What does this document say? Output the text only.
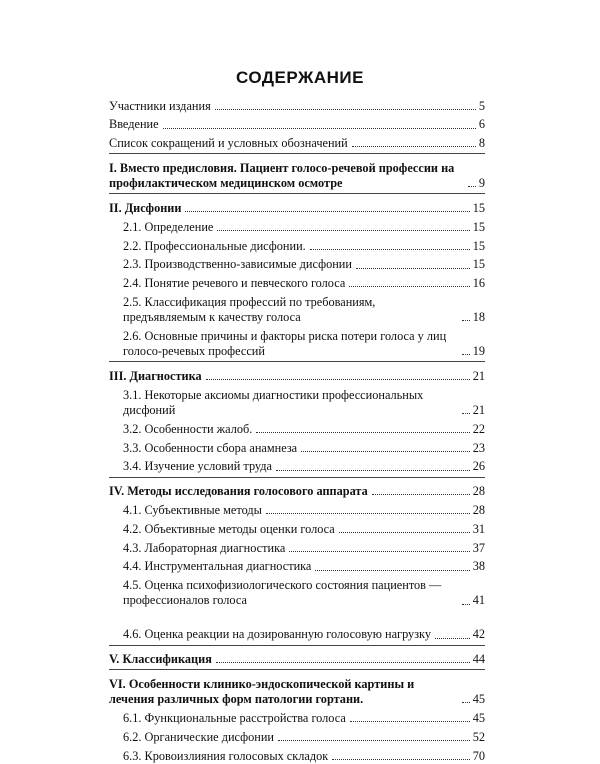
СОДЕРЖАНИЕ
Участники издания	5
Введение	6
Список сокращений и условных обозначений	8
I. Вместо предисловия. Пациент голосо-речевой профессии на профилактическом медицинском осмотре	9
II. Дисфонии	15
2.1. Определение	15
2.2. Профессиональные дисфонии.	15
2.3. Производственно-зависимые дисфонии	15
2.4. Понятие речевого и певческого голоса	16
2.5. Классификация профессий по требованиям, предъявляемым к качеству голоса	18
2.6. Основные причины и факторы риска потери голоса у лиц голосо-речевых профессий	19
III. Диагностика	21
3.1. Некоторые аксиомы диагностики профессиональных дисфоний	21
3.2. Особенности жалоб.	22
3.3. Особенности сбора анамнеза	23
3.4. Изучение условий труда	26
IV. Методы исследования голосового аппарата	28
4.1. Субъективные методы	28
4.2. Объективные методы оценки голоса	31
4.3. Лабораторная диагностика	37
4.4. Инструментальная диагностика	38
4.5. Оценка психофизиологического состояния пациентов — профессионалов голоса	41
4.6. Оценка реакции на дозированную голосовую нагрузку	42
V. Классификация	44
VI. Особенности клинико-эндоскопической картины и лечения различных форм патологии гортани.	45
6.1. Функциональные расстройства голоса	45
6.2. Органические дисфонии	52
6.3. Кровоизлияния голосовых складок	70
